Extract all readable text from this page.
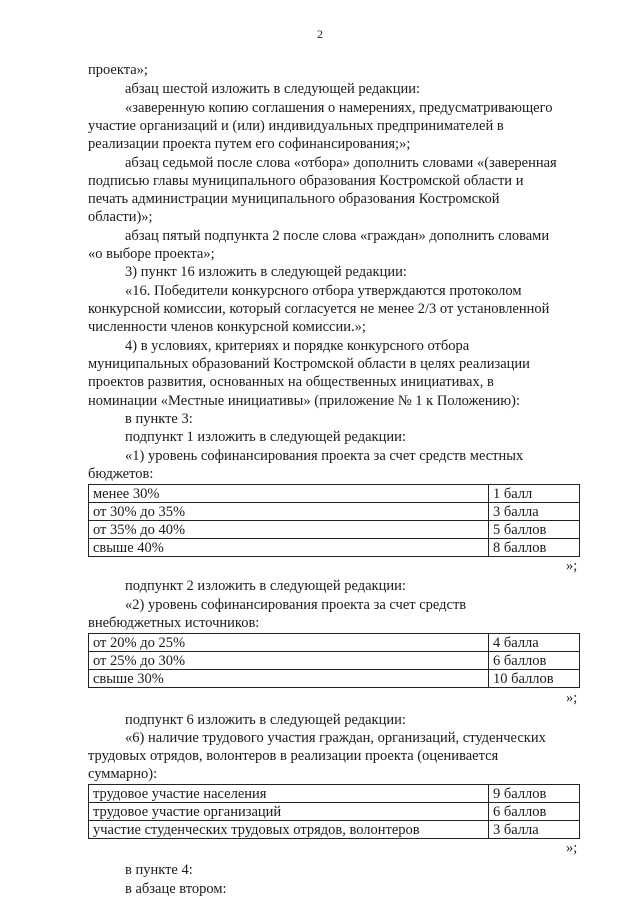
2
проекта»;
абзац шестой изложить в следующей редакции:
«заверенную копию соглашения о намерениях, предусматривающего
участие организаций и (или) индивидуальных предпринимателей в
реализации проекта путем его софинансирования;»;
абзац седьмой после слова «отбора» дополнить словами «(заверенная
подписью главы муниципального образования Костромской области и
печать администрации муниципального образования Костромской
области)»;
абзац пятый подпункта 2 после слова «граждан» дополнить словами
«о выборе проекта»;
3) пункт 16 изложить в следующей редакции:
«16. Победители конкурсного отбора утверждаются протоколом
конкурсной комиссии, который согласуется не менее 2/3 от установленной
численности членов конкурсной комиссии.»;
4) в условиях, критериях и порядке конкурсного отбора
муниципальных образований Костромской области в целях реализации
проектов развития, основанных на общественных инициативах, в
номинации «Местные инициативы» (приложение № 1 к Положению):
в пункте 3:
подпункт 1 изложить в следующей редакции:
«1) уровень софинансирования проекта за счет средств местных
бюджетов:
менее 30%	1 балл
от 30% до 35%	3 балла
от 35% до 40%	5 баллов
свыше 40%	8 баллов
»;
подпункт 2 изложить в следующей редакции:
«2) уровень софинансирования проекта за счет средств
внебюджетных источников:
от 20% до 25%	4 балла
от 25% до 30%	6 баллов
свыше 30%	10 баллов
»;
подпункт 6 изложить в следующей редакции:
«6) наличие трудового участия граждан, организаций, студенческих
трудовых отрядов, волонтеров в реализации проекта (оценивается
суммарно):
трудовое участие населения	9 баллов
трудовое участие организаций	6 баллов
участие студенческих трудовых отрядов, волонтеров	3 балла
»;
в пункте 4:
в абзаце втором:
